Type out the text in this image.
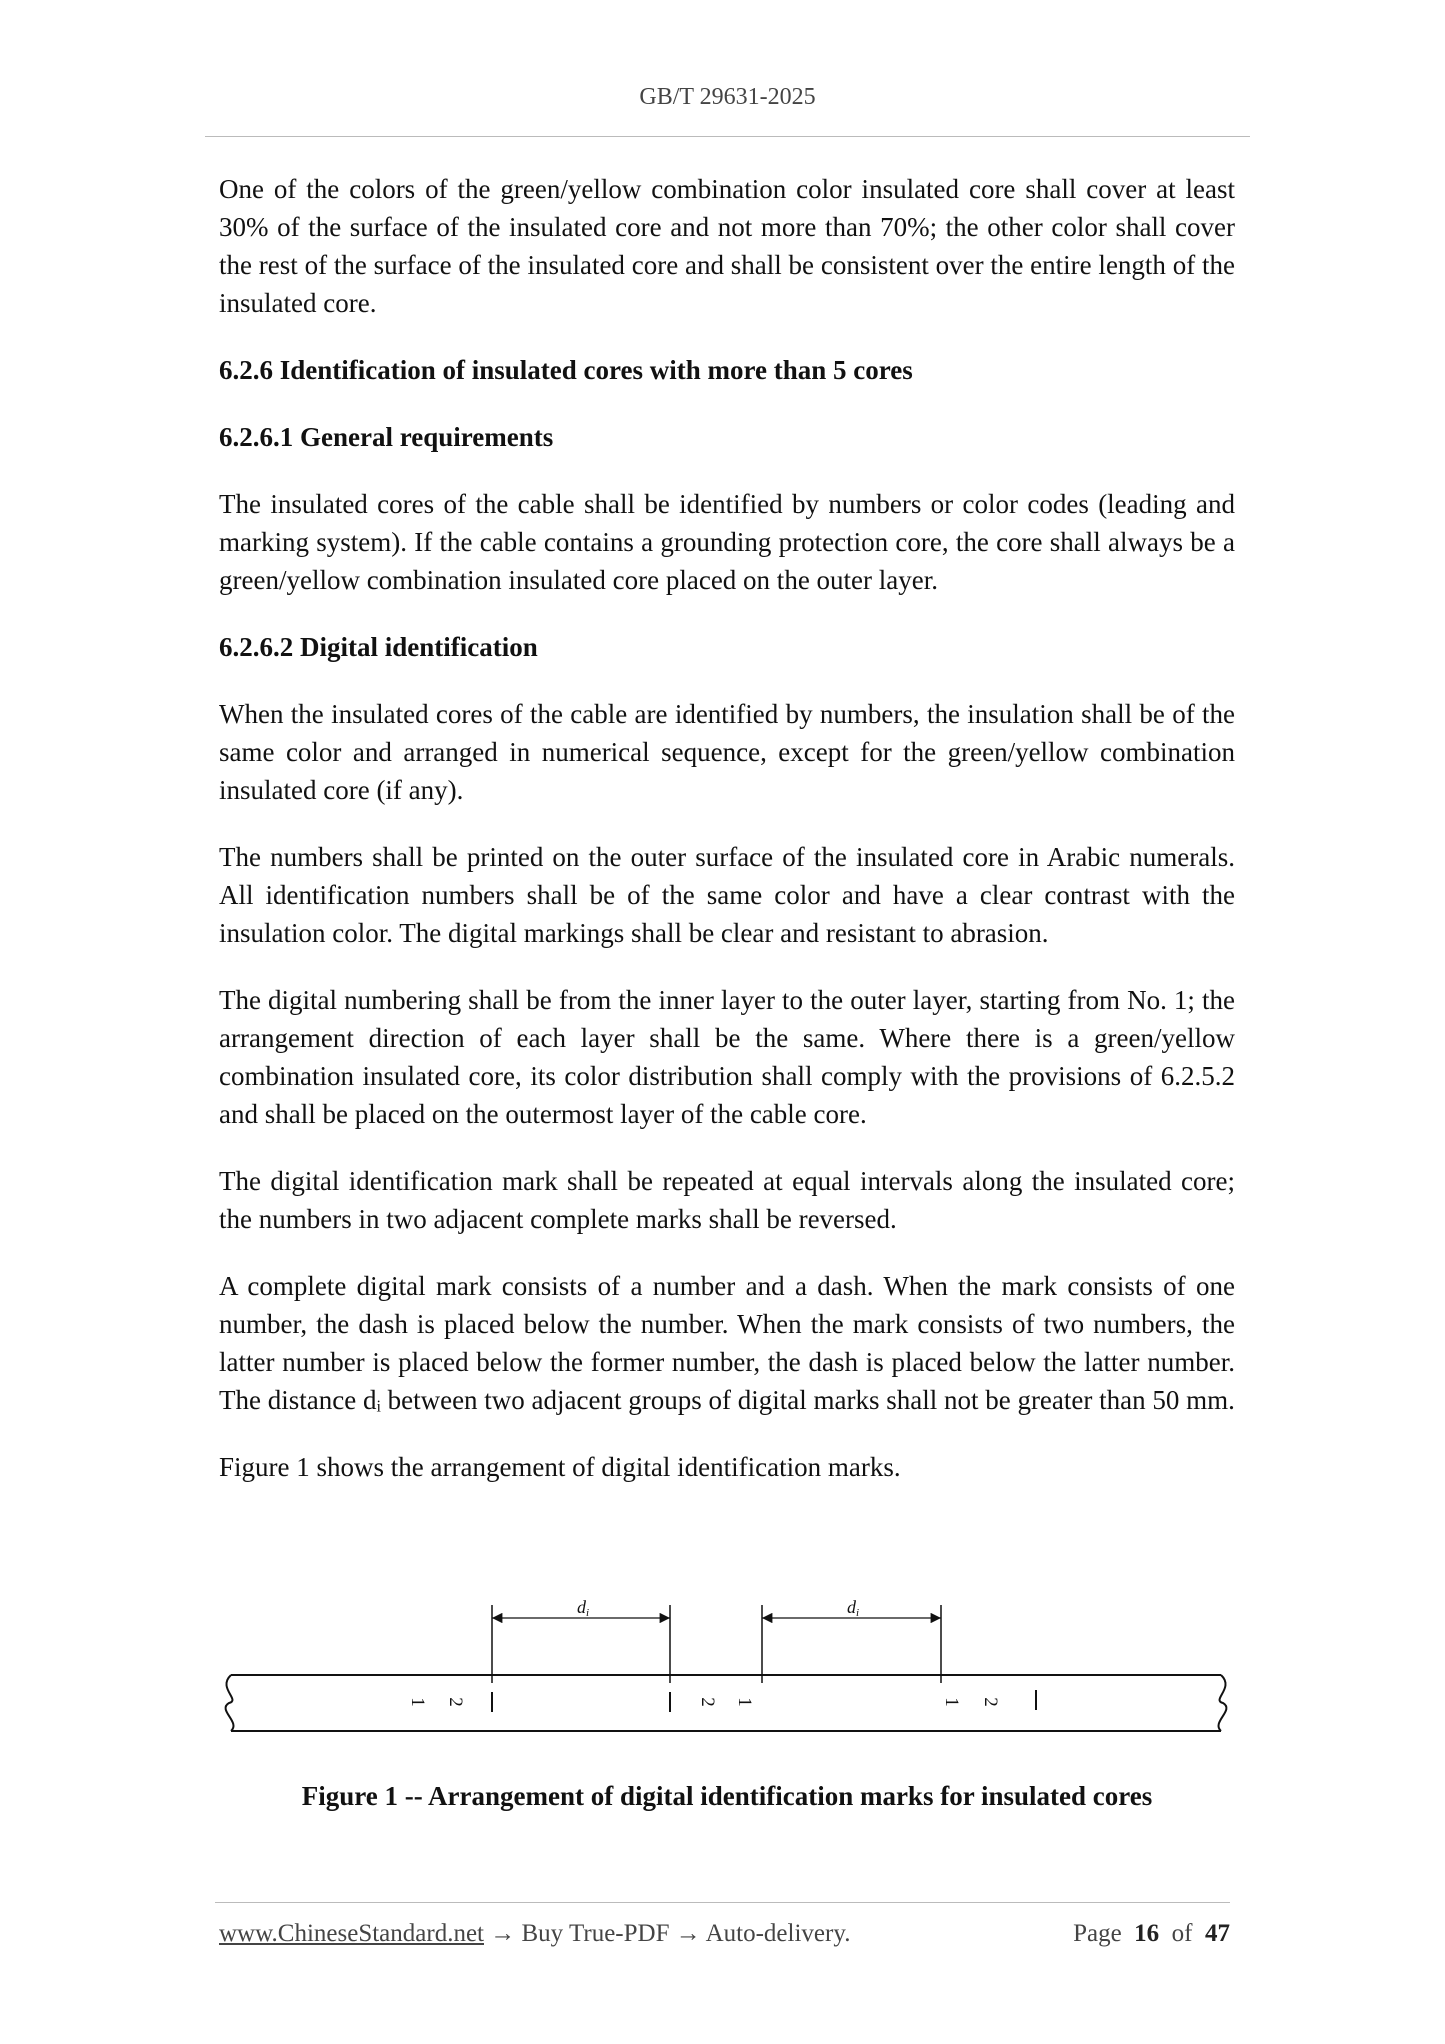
GB/T 29631-2025

One of the colors of the green/yellow combination color insulated core shall cover at least 30% of the surface of the insulated core and not more than 70%; the other color shall cover the rest of the surface of the insulated core and shall be consistent over the entire length of the insulated core.

6.2.6 Identification of insulated cores with more than 5 cores

6.2.6.1 General requirements

The insulated cores of the cable shall be identified by numbers or color codes (leading and marking system). If the cable contains a grounding protection core, the core shall always be a green/yellow combination insulated core placed on the outer layer.

6.2.6.2 Digital identification

When the insulated cores of the cable are identified by numbers, the insulation shall be of the same color and arranged in numerical sequence, except for the green/yellow combination insulated core (if any).

The numbers shall be printed on the outer surface of the insulated core in Arabic numerals. All identification numbers shall be of the same color and have a clear contrast with the insulation color. The digital markings shall be clear and resistant to abrasion.

The digital numbering shall be from the inner layer to the outer layer, starting from No. 1; the arrangement direction of each layer shall be the same. Where there is a green/yellow combination insulated core, its color distribution shall comply with the provisions of 6.2.5.2 and shall be placed on the outermost layer of the cable core.

The digital identification mark shall be repeated at equal intervals along the insulated core; the numbers in two adjacent complete marks shall be reversed.

A complete digital mark consists of a number and a dash. When the mark consists of one number, the dash is placed below the number. When the mark consists of two numbers, the latter number is placed below the former number, the dash is placed below the latter number. The distance dᵢ between two adjacent groups of digital marks shall not be greater than 50 mm.

Figure 1 shows the arrangement of digital identification marks.

di	di
1 2	2 1	1 2
Figure 1 -- Arrangement of digital identification marks for insulated cores
www.ChineseStandard.net → Buy True-PDF → Auto-delivery.	Page 16 of 47
